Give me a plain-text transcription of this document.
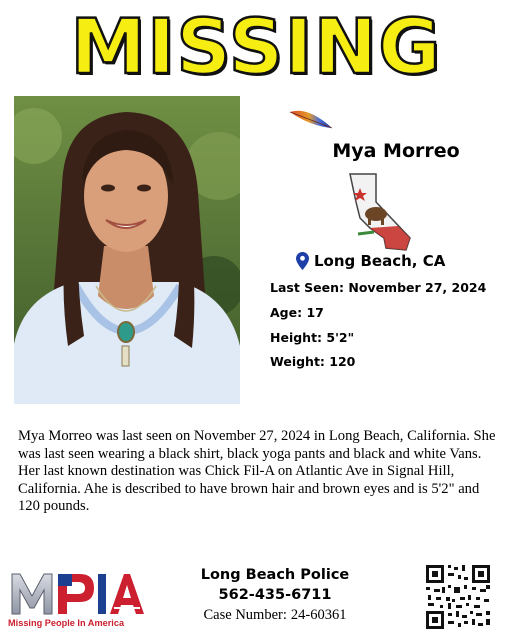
MISSING
Mya Morreo
Long Beach, CA
Last Seen: November 27, 2024
Age: 17
Height: 5'2"
Weight: 120
Mya Morreo was last seen on November 27, 2024 in Long Beach, California. She was last seen wearing a black shirt, black yoga pants and black and white Vans. Her last known destination was Chick Fil-A on Atlantic Ave in Signal Hill, California. Ahe is described to have brown hair and brown eyes and is 5'2" and 120 pounds.
Missing People In America
Long Beach Police
562-435-6711
Case Number: 24-60361
